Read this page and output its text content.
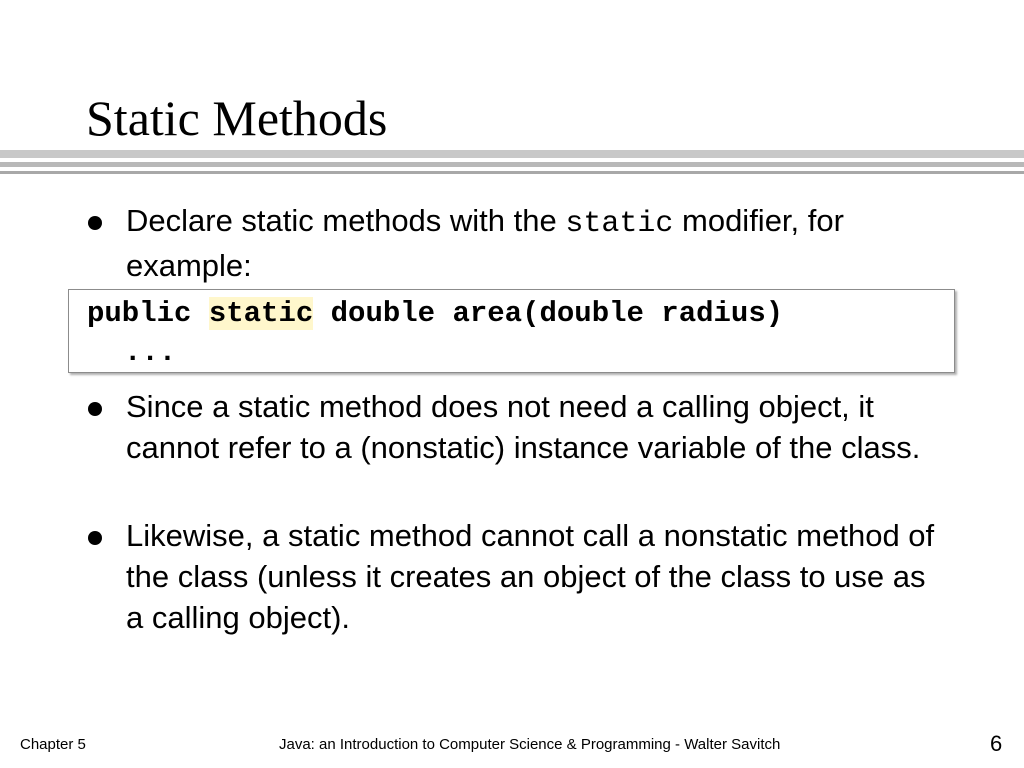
Static Methods
Declare static methods with the static modifier, for example:
public static double area(double radius)
...
Since a static method does not need a calling object, it cannot refer to a (nonstatic) instance variable of the class.
Likewise, a static method cannot call a nonstatic method of the class (unless it creates an object of the class to use as a calling object).
Chapter 5	Java: an Introduction to Computer Science & Programming - Walter Savitch	6
